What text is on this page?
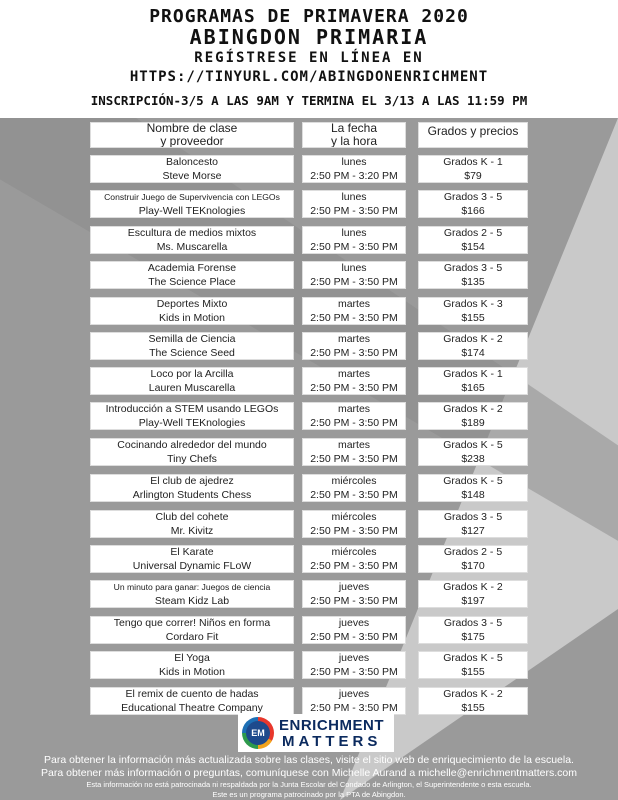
PROGRAMAS DE PRIMAVERA 2020
ABINGDON PRIMARIA
REGÍSTRESE EN LÍNEA EN
HTTPS://TINYURL.COM/ABINGDONENRICHMENT
INSCRIPCIÓN-3/5 A LAS 9AM Y TERMINA EL 3/13 A LAS 11:59 PM
Nombre de clase
y proveedor
La fecha
y la hora
Grados y precios
Baloncesto
Steve Morse
lunes
2:50 PM - 3:20 PM
Grados K - 1
$79
Construir Juego de Supervivencia con LEGOs
Play-Well TEKnologies
lunes
2:50 PM - 3:50 PM
Grados 3 - 5
$166
Escultura de medios mixtos
Ms. Muscarella
lunes
2:50 PM - 3:50 PM
Grados 2 - 5
$154
Academia Forense
The Science Place
lunes
2:50 PM - 3:50 PM
Grados 3 - 5
$135
Deportes Mixto
Kids in Motion
martes
2:50 PM - 3:50 PM
Grados K - 3
$155
Semilla de Ciencia
The Science Seed
martes
2:50 PM - 3:50 PM
Grados K - 2
$174
Loco por la Arcilla
Lauren Muscarella
martes
2:50 PM - 3:50 PM
Grados K - 1
$165
Introducción a STEM usando LEGOs
Play-Well TEKnologies
martes
2:50 PM - 3:50 PM
Grados K - 2
$189
Cocinando alrededor del mundo
Tiny Chefs
martes
2:50 PM - 3:50 PM
Grados K - 5
$238
El club de ajedrez
Arlington Students Chess
miércoles
2:50 PM - 3:50 PM
Grados K - 5
$148
Club del cohete
Mr. Kivitz
miércoles
2:50 PM - 3:50 PM
Grados 3 - 5
$127
El Karate
Universal Dynamic FLoW
miércoles
2:50 PM - 3:50 PM
Grados 2 - 5
$170
Un minuto para ganar: Juegos de ciencia
Steam Kidz Lab
jueves
2:50 PM - 3:50 PM
Grados K - 2
$197
Tengo que correr! Niños en forma
Cordaro Fit
jueves
2:50 PM - 3:50 PM
Grados 3 - 5
$175
El Yoga
Kids in Motion
jueves
2:50 PM - 3:50 PM
Grados K - 5
$155
El remix de cuento de hadas
Educational Theatre Company
jueves
2:50 PM - 3:50 PM
Grados K - 2
$155
EM ENRICHMENT
MATTERS
Para obtener la información más actualizada sobre las clases, visite el sitio web de enriquecimiento de la escuela.
Para obtener más información o preguntas, comuníquese con Michelle Aurand a michelle@enrichmentmatters.com
Esta información no está patrocinada ni respaldada por la Junta Escolar del Condado de Arlington, el Superintendente o esta escuela.
Este es un programa patrocinado por la PTA de Abingdon.
